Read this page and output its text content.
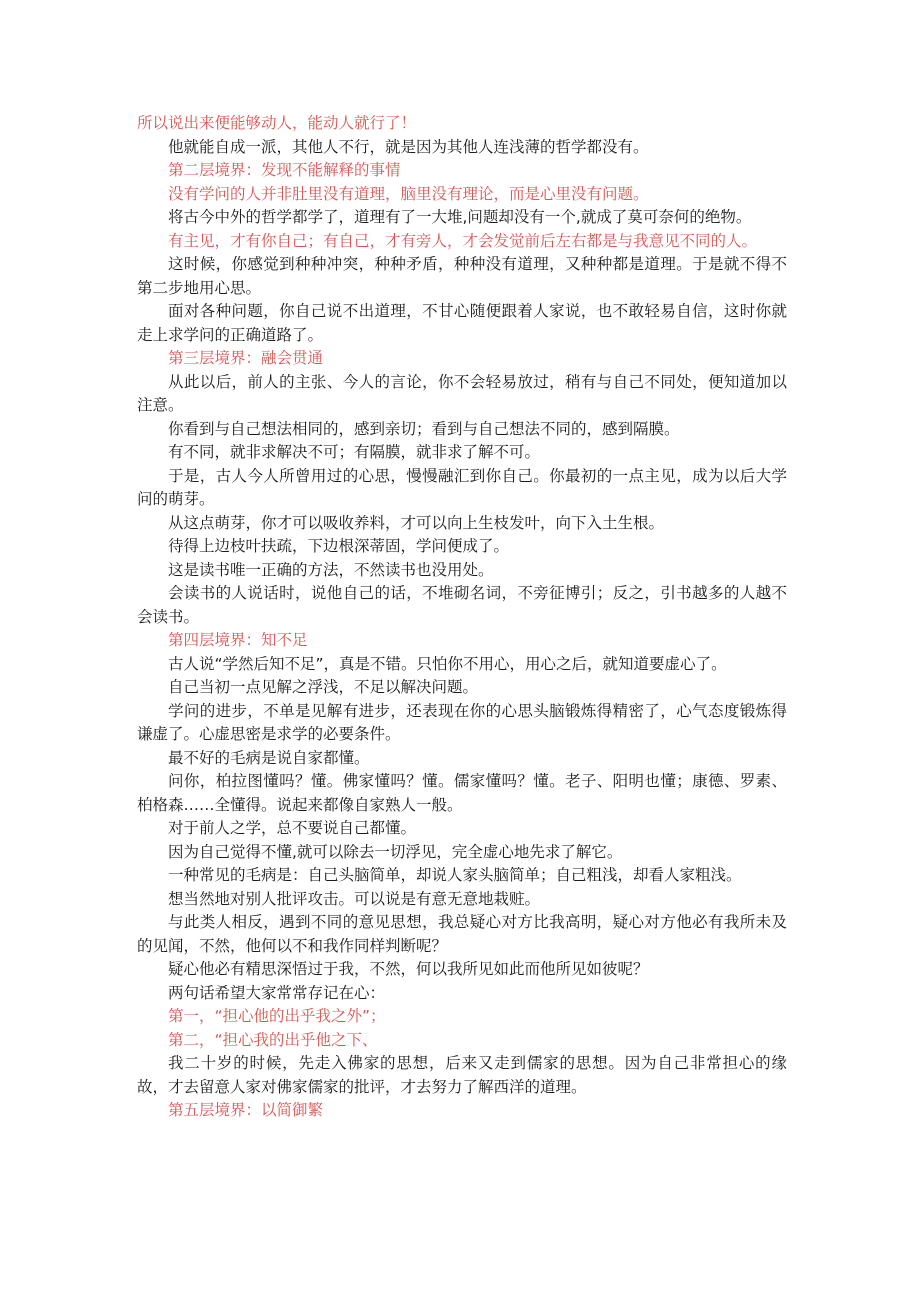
所以说出来便能够动人，能动人就行了！

他就能自成一派，其他人不行，就是因为其他人连浅薄的哲学都没有。

第二层境界：发现不能解释的事情

没有学问的人并非肚里没有道理，脑里没有理论，而是心里没有问题。

将古今中外的哲学都学了，道理有了一大堆,问题却没有一个,就成了莫可奈何的绝物。

有主见，才有你自己；有自己，才有旁人，才会发觉前后左右都是与我意见不同的人。

这时候，你感觉到种种冲突，种种矛盾，种种没有道理，又种种都是道理。于是就不得不第二步地用心思。

面对各种问题，你自己说不出道理，不甘心随便跟着人家说，也不敢轻易自信，这时你就走上求学问的正确道路了。

第三层境界：融会贯通

从此以后，前人的主张、今人的言论，你不会轻易放过，稍有与自己不同处，便知道加以注意。

你看到与自己想法相同的，感到亲切；看到与自己想法不同的，感到隔膜。

有不同，就非求解决不可；有隔膜，就非求了解不可。

于是，古人今人所曾用过的心思，慢慢融汇到你自己。你最初的一点主见，成为以后大学问的萌芽。

从这点萌芽，你才可以吸收养料，才可以向上生枝发叶，向下入土生根。

待得上边枝叶扶疏，下边根深蒂固，学问便成了。

这是读书唯一正确的方法，不然读书也没用处。

会读书的人说话时，说他自己的话，不堆砌名词，不旁征博引；反之，引书越多的人越不会读书。

第四层境界：知不足

古人说“学然后知不足”，真是不错。只怕你不用心，用心之后，就知道要虚心了。

自己当初一点见解之浮浅，不足以解决问题。

学问的进步，不单是见解有进步，还表现在你的心思头脑锻炼得精密了，心气态度锻炼得谦虚了。心虚思密是求学的必要条件。

最不好的毛病是说自家都懂。

问你，柏拉图懂吗？懂。佛家懂吗？懂。儒家懂吗？懂。老子、阳明也懂；康德、罗素、柏格森……全懂得。说起来都像自家熟人一般。

对于前人之学，总不要说自己都懂。

因为自己觉得不懂,就可以除去一切浮见，完全虚心地先求了解它。

一种常见的毛病是：自己头脑简单，却说人家头脑简单；自己粗浅，却看人家粗浅。

想当然地对别人批评攻击。可以说是有意无意地栽赃。

与此类人相反，遇到不同的意见思想，我总疑心对方比我高明，疑心对方他必有我所未及的见闻，不然，他何以不和我作同样判断呢？

疑心他必有精思深悟过于我，不然，何以我所见如此而他所见如彼呢？

两句话希望大家常常存记在心：

第一，“担心他的出乎我之外”；

第二，“担心我的出乎他之下、

我二十岁的时候，先走入佛家的思想，后来又走到儒家的思想。因为自己非常担心的缘故，才去留意人家对佛家儒家的批评，才去努力了解西洋的道理。

第五层境界：以简御繁
